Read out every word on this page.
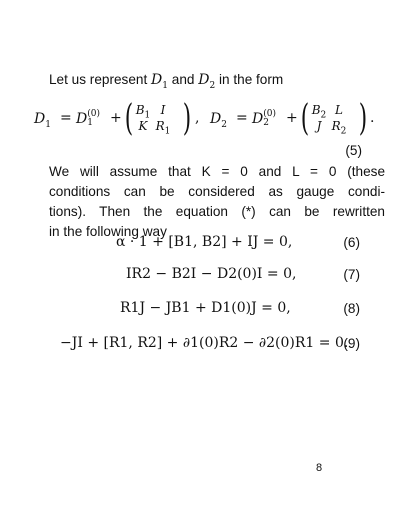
Let us represent $D_1$ and $D_2$ in the form
$D_1 = D$ (0)
1	+ ( $B_1$ I
K $R_1$ ) , $D_2 = D$ (0)
2	+ ( $B_2$ L
J $R_2$ ) .
(5)
We will assume that K = 0 and L = 0 (these
conditions can be considered as gauge condi-
tions). Then the equation (*) can be rewritten
in the following way
α · 1 + [B1, B2] + IJ = 0,	(6)
IR2 − B2I − D2(0)I = 0,	(7)
R1J − JB1 + D1(0)J = 0,	(8)
−JI + [R1, R2] + ∂1(0)R2 − ∂2(0)R1 = 0.
(9)
8
